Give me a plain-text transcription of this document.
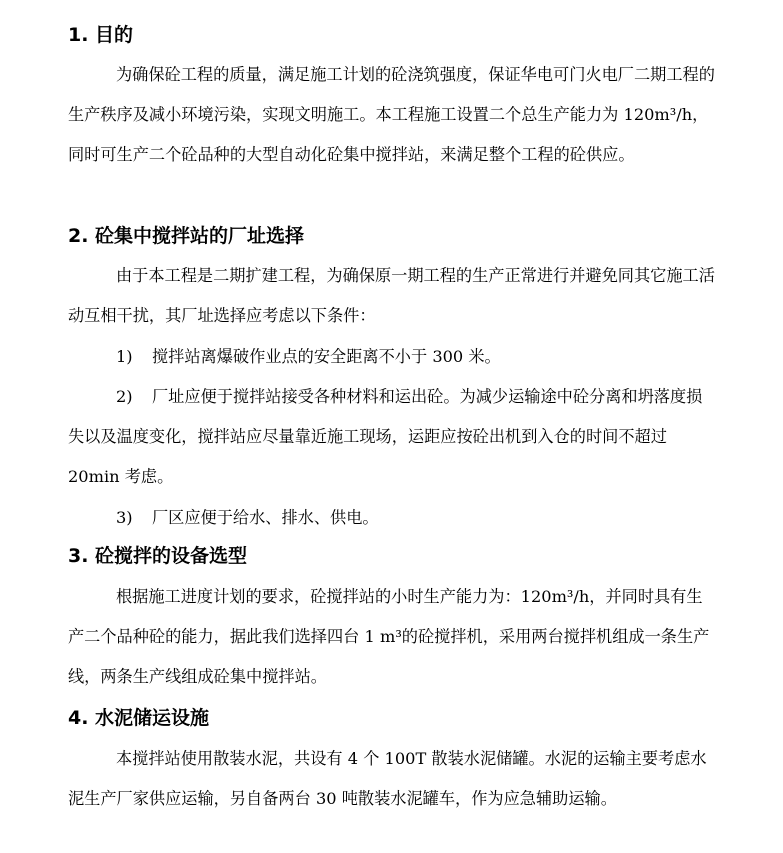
1. 目的

为确保砼工程的质量，满足施工计划的砼浇筑强度，保证华电可门火电厂二期工程的生产秩序及减小环境污染，实现文明施工。本工程施工设置二个总生产能力为 120m³/h，同时可生产二个砼品种的大型自动化砼集中搅拌站，来满足整个工程的砼供应。

2. 砼集中搅拌站的厂址选择

由于本工程是二期扩建工程，为确保原一期工程的生产正常进行并避免同其它施工活动互相干扰，其厂址选择应考虑以下条件：

1) 搅拌站离爆破作业点的安全距离不小于 300 米。

2) 厂址应便于搅拌站接受各种材料和运出砼。为减少运输途中砼分离和坍落度损失以及温度变化，搅拌站应尽量靠近施工现场，运距应按砼出机到入仓的时间不超过 20min 考虑。

3) 厂区应便于给水、排水、供电。

3. 砼搅拌的设备选型

根据施工进度计划的要求，砼搅拌站的小时生产能力为：120m³/h，并同时具有生产二个品种砼的能力，据此我们选择四台 1 m³的砼搅拌机，采用两台搅拌机组成一条生产线，两条生产线组成砼集中搅拌站。

4. 水泥储运设施

本搅拌站使用散装水泥，共设有 4 个 100T 散装水泥储罐。水泥的运输主要考虑水泥生产厂家供应运输，另自备两台 30 吨散装水泥罐车，作为应急辅助运输。
